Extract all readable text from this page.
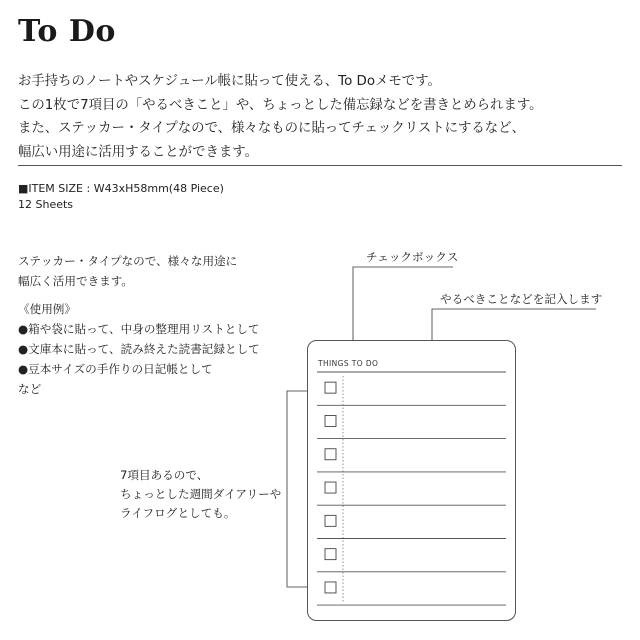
To Do

お手持ちのノートやスケジュール帳に貼って使える、To Doメモです。

この1枚で7項目の「やるべきこと」や、ちょっとした備忘録などを書きとめられます。

また、ステッカー・タイプなので、様々なものに貼ってチェックリストにするなど、

幅広い用途に活用することができます。

■ITEM SIZE : W43xH58mm(48 Piece)
12 Sheets
ステッカー・タイプなので、様々な用途に
幅広く活用できます。
《使用例》
●箱や袋に貼って、中身の整理用リストとして
●文庫本に貼って、読み終えた読書記録として
●豆本サイズの手作りの日記帳として
など
7項目あるので、
ちょっとした週間ダイアリーや
ライフログとしても。
チェックボックス
やるべきことなどを記入します
THINGS TO DO
